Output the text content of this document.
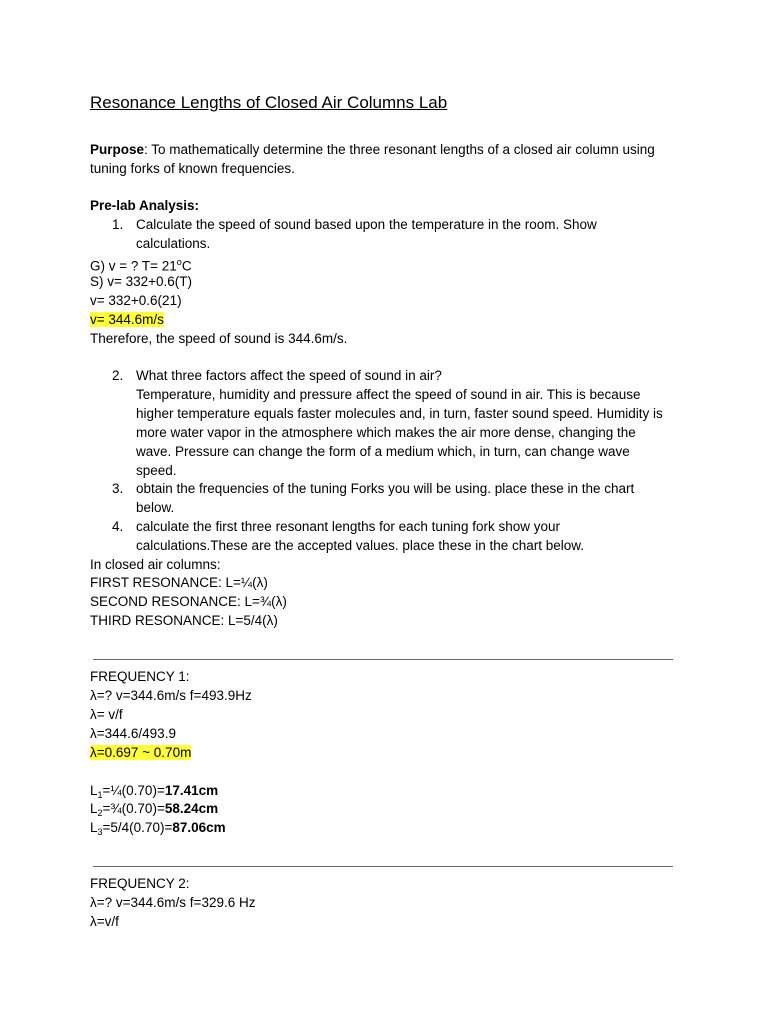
Resonance Lengths of Closed Air Columns Lab
Purpose: To mathematically determine the three resonant lengths of a closed air column using
tuning forks of known frequencies.
Pre-lab Analysis:
1. Calculate the speed of sound based upon the temperature in the room. Show
calculations.
G) v = ? $T= 21^oC$
S) v= 332+0.6(T)
v= 332+0.6(21)
v= 344.6m/s
Therefore, the speed of sound is 344.6m/s.
2. What three factors affect the speed of sound in air?
Temperature, humidity and pressure affect the speed of sound in air. This is because
higher temperature equals faster molecules and, in turn, faster sound speed. Humidity is
more water vapor in the atmosphere which makes the air more dense, changing the
wave. Pressure can change the form of a medium which, in turn, can change wave
speed.
3. obtain the frequencies of the tuning Forks you will be using. place these in the chart
below.
4. calculate the first three resonant lengths for each tuning fork show your
calculations.These are the accepted values. place these in the chart below.
In closed air columns:
FIRST RESONANCE: L=¼(λ)
SECOND RESONANCE: L=¾(λ)
THIRD RESONANCE: L=5/4(λ)
FREQUENCY 1:
λ=? v=344.6m/s f=493.9Hz
λ= v/f
λ=344.6/493.9
λ=0.697 ~ 0.70m
$L_1=\frac{1}{4}(0.70)=17.41cm$
$L_2=\frac{3}{4}(0.70)=58.24cm$
$L_3=5/4(0.70)=87.06cm$
FREQUENCY 2:
λ=? v=344.6m/s f=329.6 Hz
λ=v/f
